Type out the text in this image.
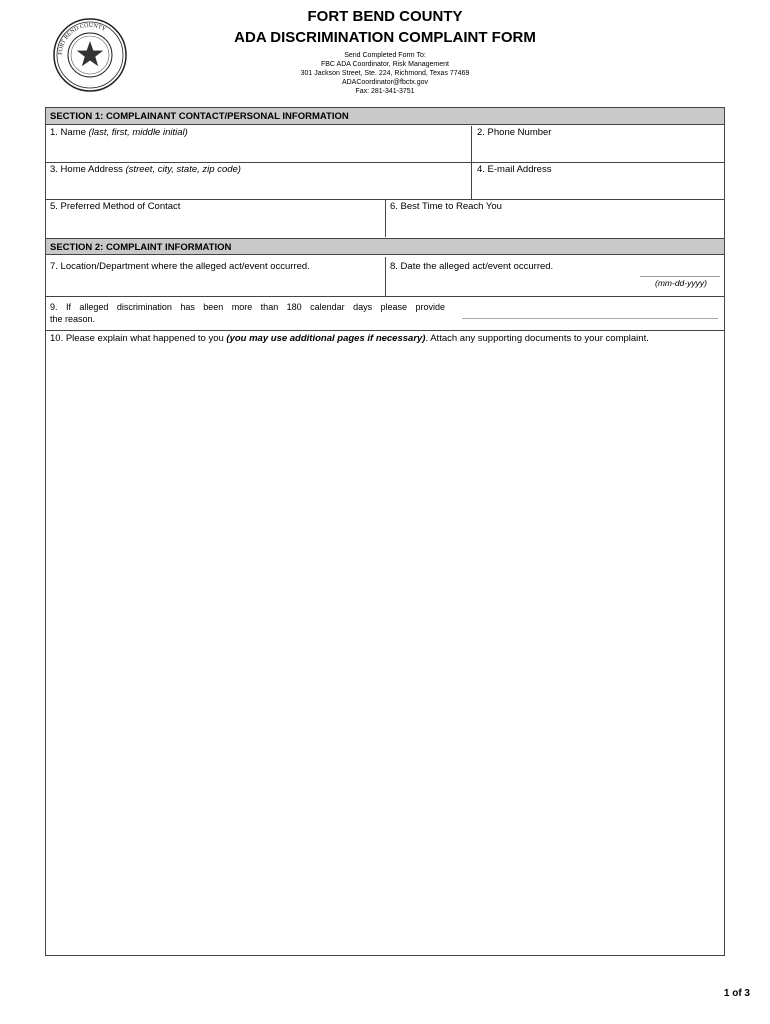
FORT BEND COUNTY
FORT BEND COUNTY
ADA DISCRIMINATION COMPLAINT FORM
Send Completed Form To:
FBC ADA Coordinator, Risk Management
301 Jackson Street, Ste. 224, Richmond, Texas 77469
ADACoordinator@fbctx.gov
Fax: 281-341-3751
SECTION 1: COMPLAINANT CONTACT/PERSONAL INFORMATION
1. Name (last, first, middle initial)	2. Phone Number
3. Home Address (street, city, state, zip code)	4. E-mail Address
5. Preferred Method of Contact	6. Best Time to Reach You
SECTION 2: COMPLAINT INFORMATION
7. Location/Department where the alleged act/event occurred.	8. Date the alleged act/event occurred.
(mm-dd-yyyy)
9. If alleged discrimination has been more than 180 calendar days please provide
the reason.
10. Please explain what happened to you (you may use additional pages if necessary). Attach any supporting documents to your complaint.
1 of 3
